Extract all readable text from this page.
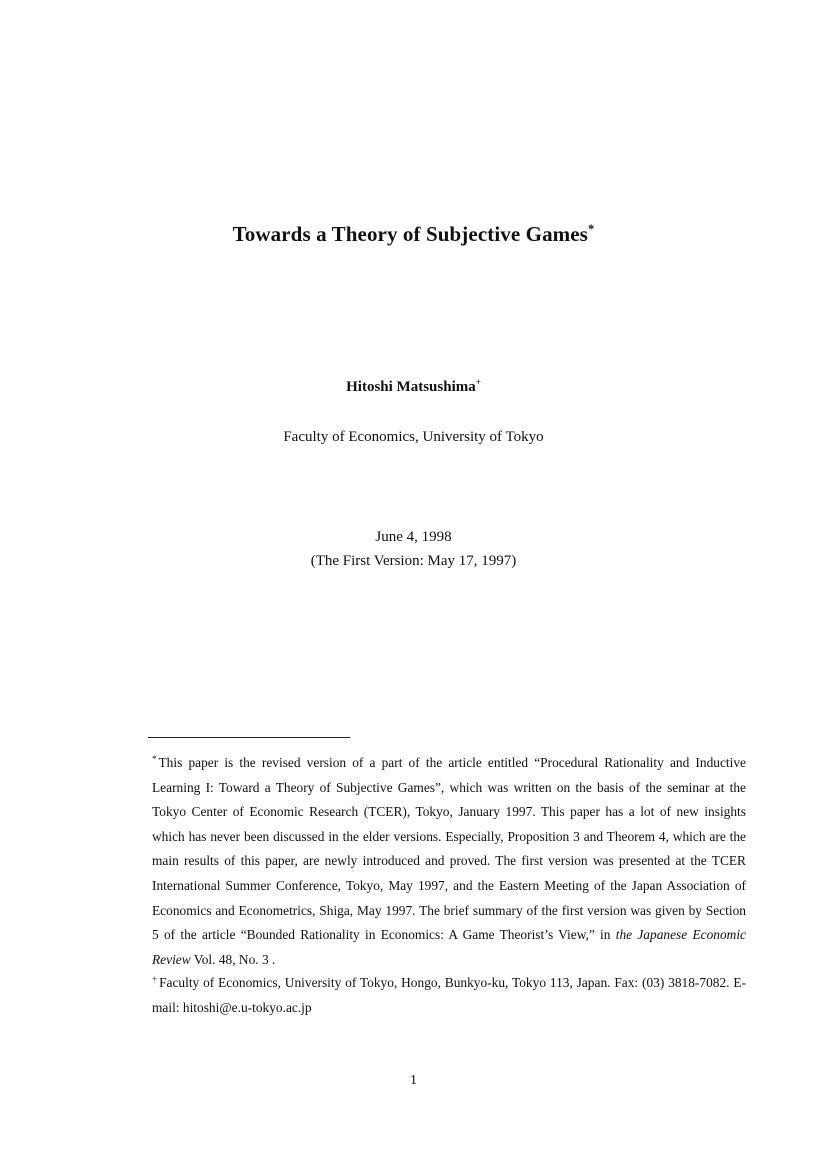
Towards a Theory of Subjective Games*
Hitoshi Matsushima+
Faculty of Economics, University of Tokyo
June 4, 1998
(The First Version: May 17, 1997)

* This paper is the revised version of a part of the article entitled “Procedural Rationality and Inductive Learning I: Toward a Theory of Subjective Games”, which was written on the basis of the seminar at the Tokyo Center of Economic Research (TCER), Tokyo, January 1997. This paper has a lot of new insights which has never been discussed in the elder versions. Especially, Proposition 3 and Theorem 4, which are the main results of this paper, are newly introduced and proved. The first version was presented at the TCER International Summer Conference, Tokyo, May 1997, and the Eastern Meeting of the Japan Association of Economics and Econometrics, Shiga, May 1997. The brief summary of the first version was given by Section 5 of the article “Bounded Rationality in Economics: A Game Theorist’s View,” in the Japanese Economic Review Vol. 48, No. 3 .

+ Faculty of Economics, University of Tokyo, Hongo, Bunkyo-ku, Tokyo 113, Japan. Fax: (03) 3818-7082. E-mail: hitoshi@e.u-tokyo.ac.jp

1
